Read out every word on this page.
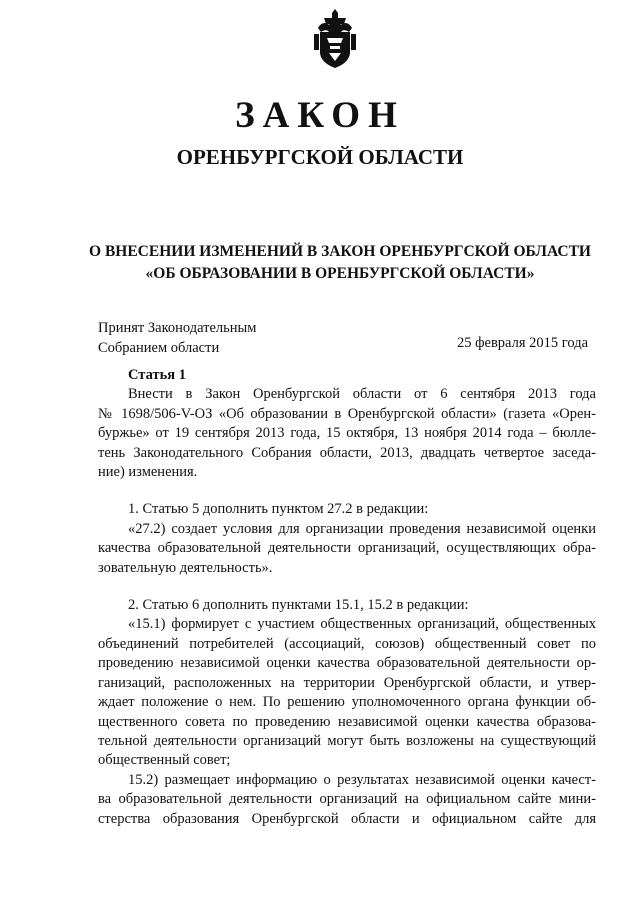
ЗАКОН
ОРЕНБУРГСКОЙ ОБЛАСТИ
О ВНЕСЕНИИ ИЗМЕНЕНИЙ В ЗАКОН ОРЕНБУРГСКОЙ ОБЛАСТИ
«ОБ ОБРАЗОВАНИИ В ОРЕНБУРГСКОЙ ОБЛАСТИ»
Принят Законодательным
Собранием области	25 февраля 2015 года
Статья 1
Внести в Закон Оренбургской области от 6 сентября 2013 года
№ 1698/506-V-ОЗ «Об образовании в Оренбургской области» (газета «Орен-
буржье» от 19 сентября 2013 года, 15 октября, 13 ноября 2014 года – бюлле-
тень Законодательного Собрания области, 2013, двадцать четвертое заседа-
ние) изменения.
1. Статью 5 дополнить пунктом 27.2 в редакции:
«27.2) создает условия для организации проведения независимой оценки
качества образовательной деятельности организаций, осуществляющих обра-
зовательную деятельность».
2. Статью 6 дополнить пунктами 15.1, 15.2 в редакции:
«15.1) формирует с участием общественных организаций, общественных
объединений потребителей (ассоциаций, союзов) общественный совет по
проведению независимой оценки качества образовательной деятельности ор-
ганизаций, расположенных на территории Оренбургской области, и утвер-
ждает положение о нем. По решению уполномоченного органа функции об-
щественного совета по проведению независимой оценки качества образова-
тельной деятельности организаций могут быть возложены на существующий
общественный совет;
15.2) размещает информацию о результатах независимой оценки качест-
ва образовательной деятельности организаций на официальном сайте мини-
стерства образования Оренбургской области и официальном сайте для
